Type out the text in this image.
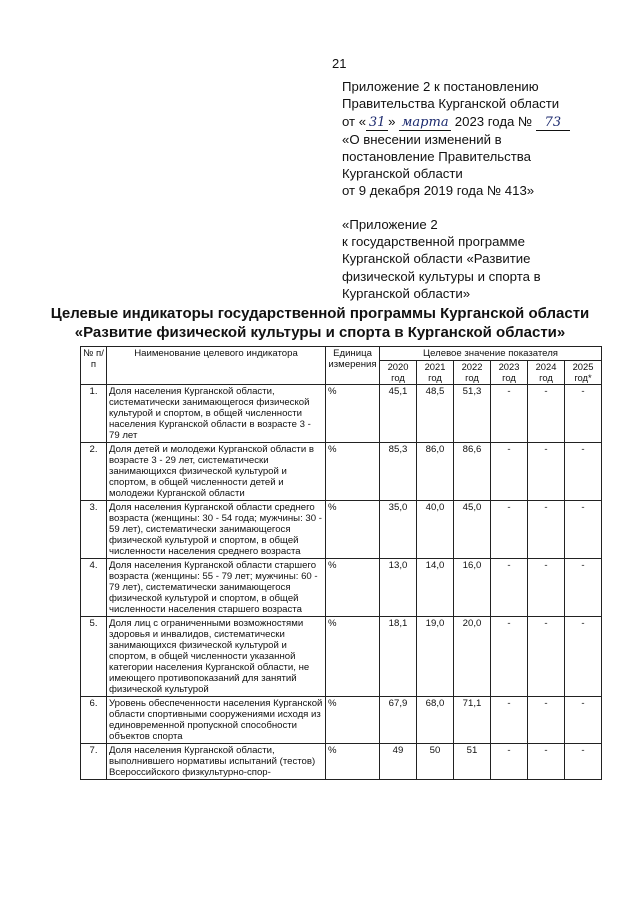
21
Приложение 2 к постановлению
Правительства Курганской области
от « 31 » марта 2023 года № 73
«О внесении изменений в
постановление Правительства
Курганской области
от 9 декабря 2019 года № 413»
«Приложение 2
к государственной программе
Курганской области «Развитие
физической культуры и спорта в
Курганской области»
Целевые индикаторы государственной программы Курганской области
«Развитие физической культуры и спорта в Курганской области»
№ п/п	Наименование целевого индикатора	Единица измерения	Целевое значение показателя					
			2020 год	2021 год	2022 год	2023 год	2024 год	2025 год*
1.	Доля населения Курганской области, систематически занимающегося физической культурой и спортом, в общей численности населения Курганской области в возрасте 3 - 79 лет	%	45,1	48,5	51,3	-	-	-
2.	Доля детей и молодежи Курганской области в возрасте 3 - 29 лет, систематически занимающихся физической культурой и спортом, в общей численности детей и молодежи Курганской области	%	85,3	86,0	86,6	-	-	-
3.	Доля населения Курганской области среднего возраста (женщины: 30 - 54 года; мужчины: 30 - 59 лет), систематически занимающегося физической культурой и спортом, в общей численности населения среднего возраста	%	35,0	40,0	45,0	-	-	-
4.	Доля населения Курганской области старшего возраста (женщины: 55 - 79 лет; мужчины: 60 - 79 лет), систематически занимающегося физической культурой и спортом, в общей численности населения старшего возраста	%	13,0	14,0	16,0	-	-	-
5.	Доля лиц с ограниченными возможностями здоровья и инвалидов, систематически занимающихся физической культурой и спортом, в общей численности указанной категории населения Курганской области, не имеющего противопоказаний для занятий физической культурой	%	18,1	19,0	20,0	-	-	-
6.	Уровень обеспеченности населения Курганской области спортивными сооружениями исходя из единовременной пропускной способности объектов спорта	%	67,9	68,0	71,1	-	-	-
7.	Доля населения Курганской области, выполнившего нормативы испытаний (тестов) Всероссийского физкультурно-спор-	%	49	50	51	-	-	-
